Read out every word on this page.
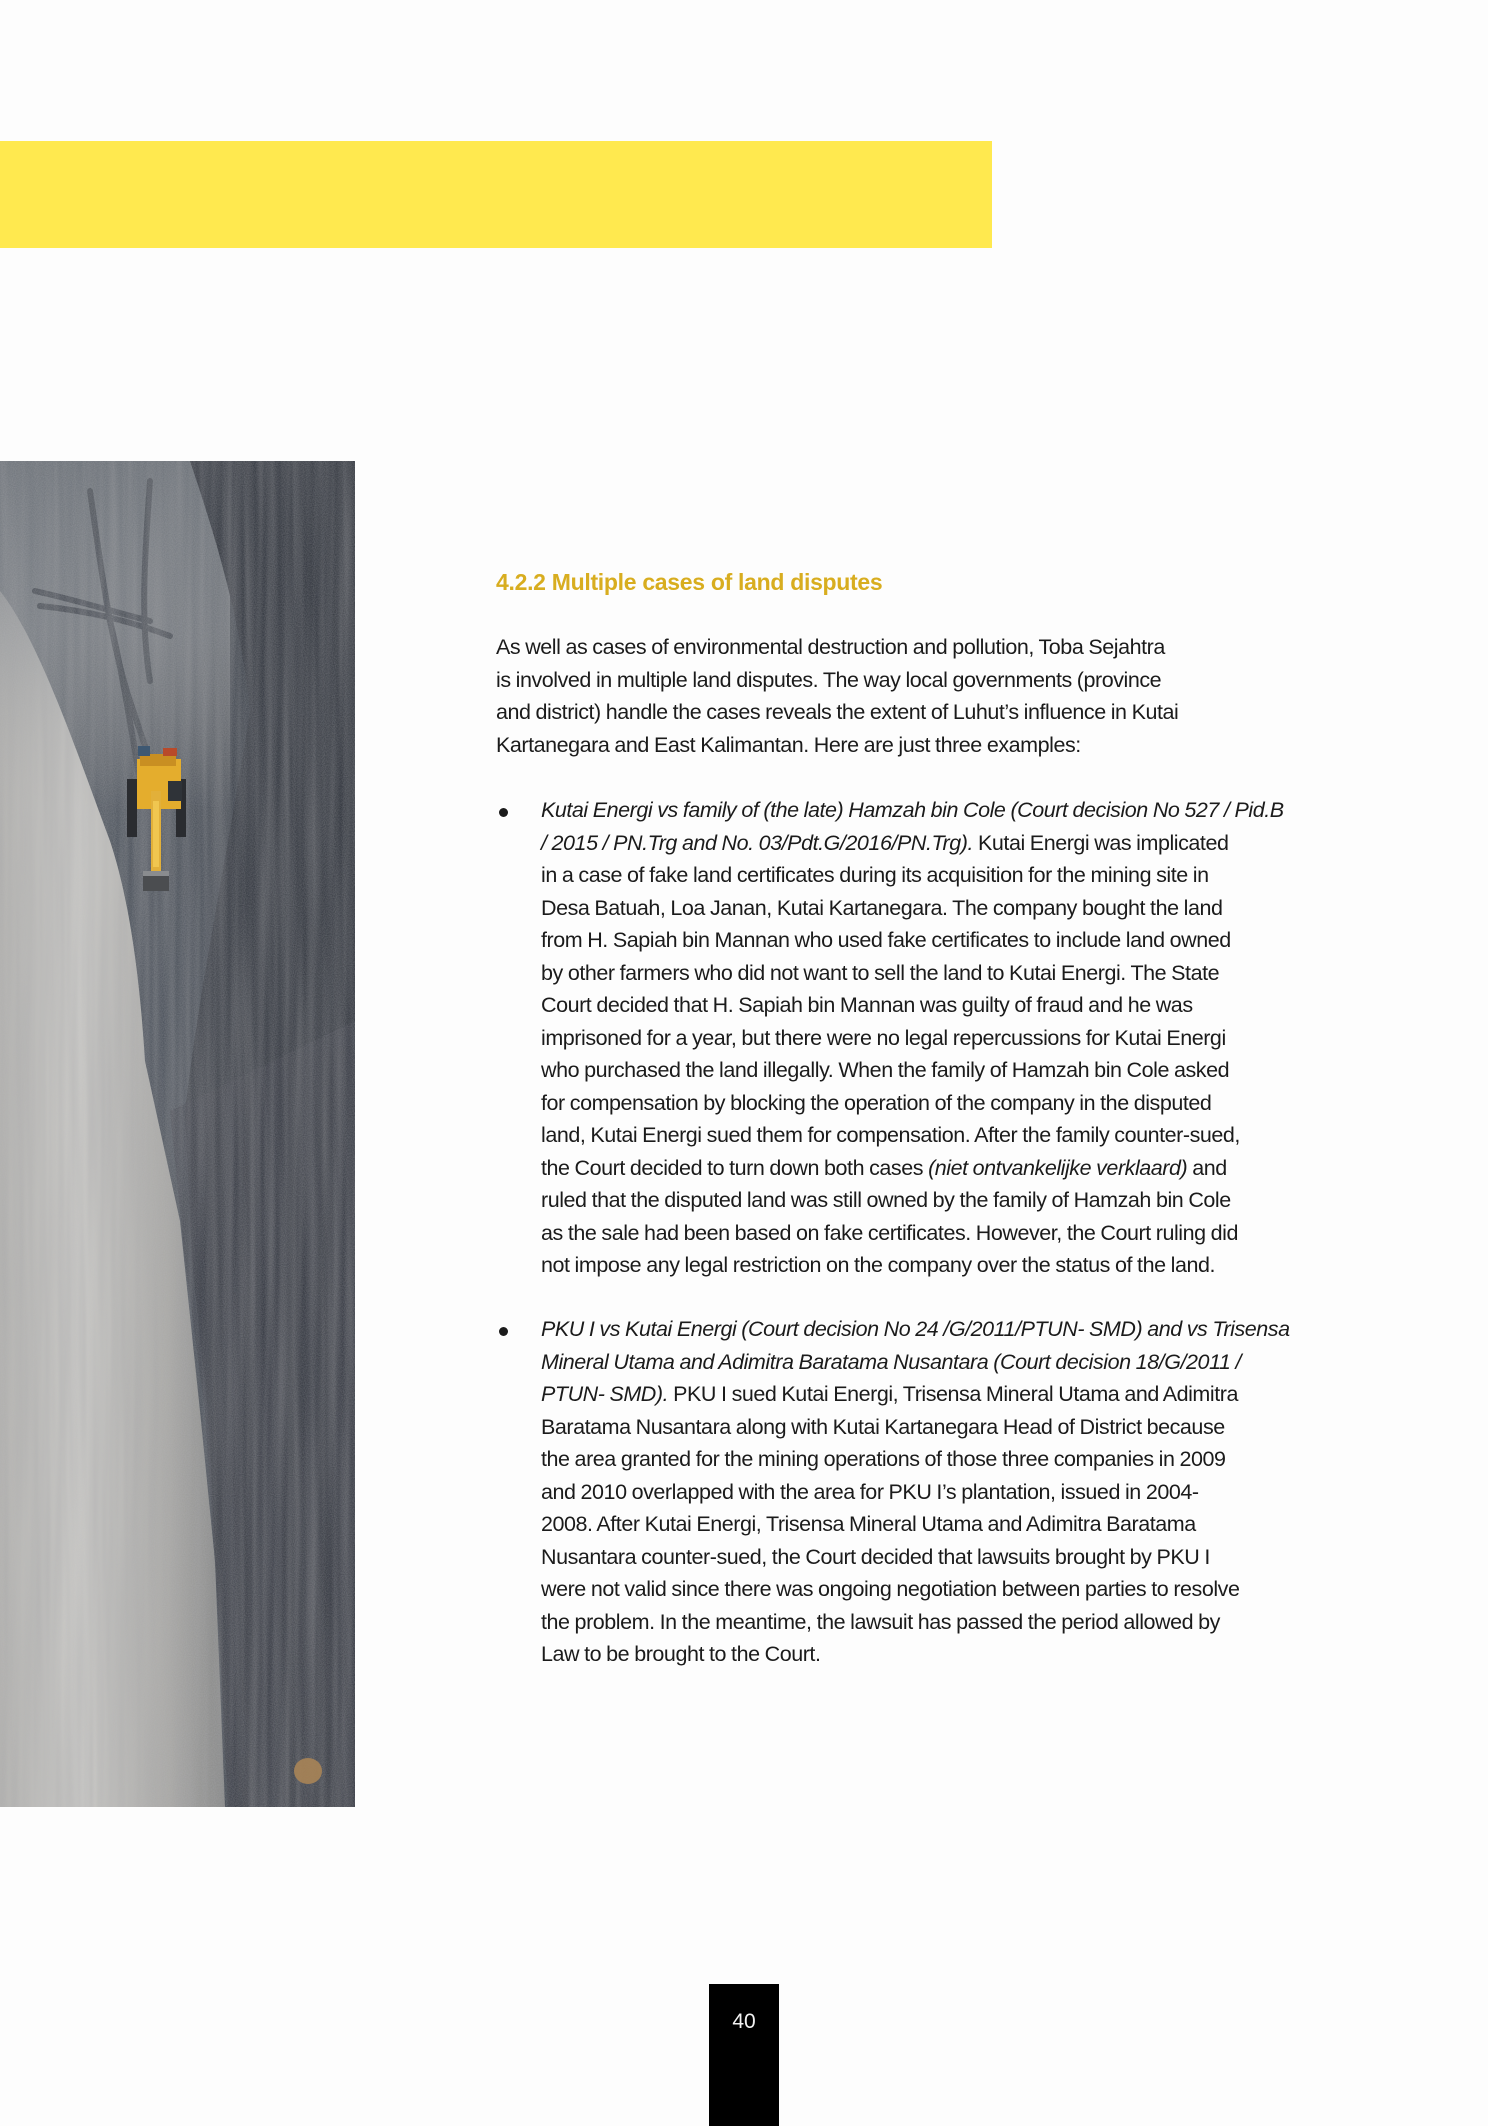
4.2.2 Multiple cases of land disputes
As well as cases of environmental destruction and pollution, Toba Sejahtra
is involved in multiple land disputes. The way local governments (province
and district) handle the cases reveals the extent of Luhut’s influence in Kutai
Kartanegara and East Kalimantan. Here are just three examples:
Kutai Energi vs family of (the late) Hamzah bin Cole (Court decision No 527 / Pid.B
/ 2015 / PN.Trg and No. 03/Pdt.G/2016/PN.Trg). Kutai Energi was implicated
in a case of fake land certificates during its acquisition for the mining site in
Desa Batuah, Loa Janan, Kutai Kartanegara. The company bought the land
from H. Sapiah bin Mannan who used fake certificates to include land owned
by other farmers who did not want to sell the land to Kutai Energi. The State
Court decided that H. Sapiah bin Mannan was guilty of fraud and he was
imprisoned for a year, but there were no legal repercussions for Kutai Energi
who purchased the land illegally. When the family of Hamzah bin Cole asked
for compensation by blocking the operation of the company in the disputed
land, Kutai Energi sued them for compensation. After the family counter-sued,
the Court decided to turn down both cases (niet ontvankelijke verklaard) and
ruled that the disputed land was still owned by the family of Hamzah bin Cole
as the sale had been based on fake certificates. However, the Court ruling did
not impose any legal restriction on the company over the status of the land.
PKU I vs Kutai Energi (Court decision No 24 /G/2011/PTUN- SMD) and vs Trisensa
Mineral Utama and Adimitra Baratama Nusantara (Court decision 18/G/2011 /
PTUN- SMD). PKU I sued Kutai Energi, Trisensa Mineral Utama and Adimitra
Baratama Nusantara along with Kutai Kartanegara Head of District because
the area granted for the mining operations of those three companies in 2009
and 2010 overlapped with the area for PKU I’s plantation, issued in 2004-
2008. After Kutai Energi, Trisensa Mineral Utama and Adimitra Baratama
Nusantara counter-sued, the Court decided that lawsuits brought by PKU I
were not valid since there was ongoing negotiation between parties to resolve
the problem. In the meantime, the lawsuit has passed the period allowed by
Law to be brought to the Court.
40
